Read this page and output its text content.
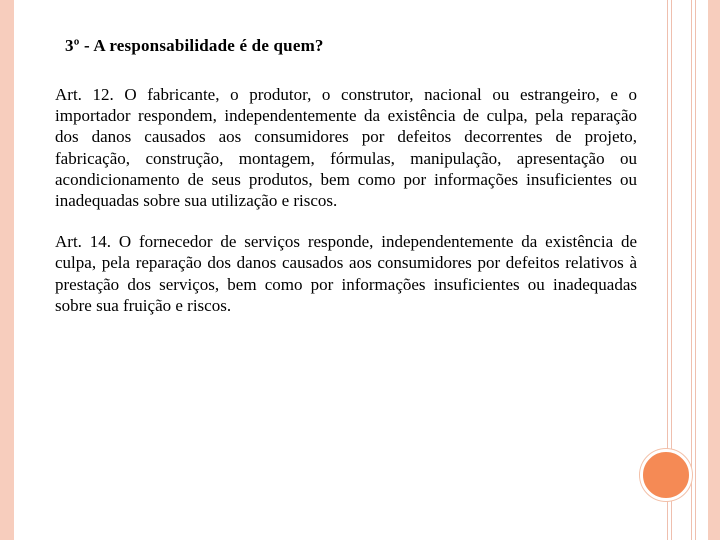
3º - A responsabilidade é de quem?

Art. 12. O fabricante, o produtor, o construtor, nacional ou estrangeiro, e o importador respondem, independentemente da existência de culpa, pela reparação dos danos causados aos consumidores por defeitos decorrentes de projeto, fabricação, construção, montagem, fórmulas, manipulação, apresentação ou acondicionamento de seus produtos, bem como por informações insuficientes ou inadequadas sobre sua utilização e riscos.

Art. 14. O fornecedor de serviços responde, independentemente da existência de culpa, pela reparação dos danos causados aos consumidores por defeitos relativos à prestação dos serviços, bem como por informações insuficientes ou inadequadas sobre sua fruição e riscos.
